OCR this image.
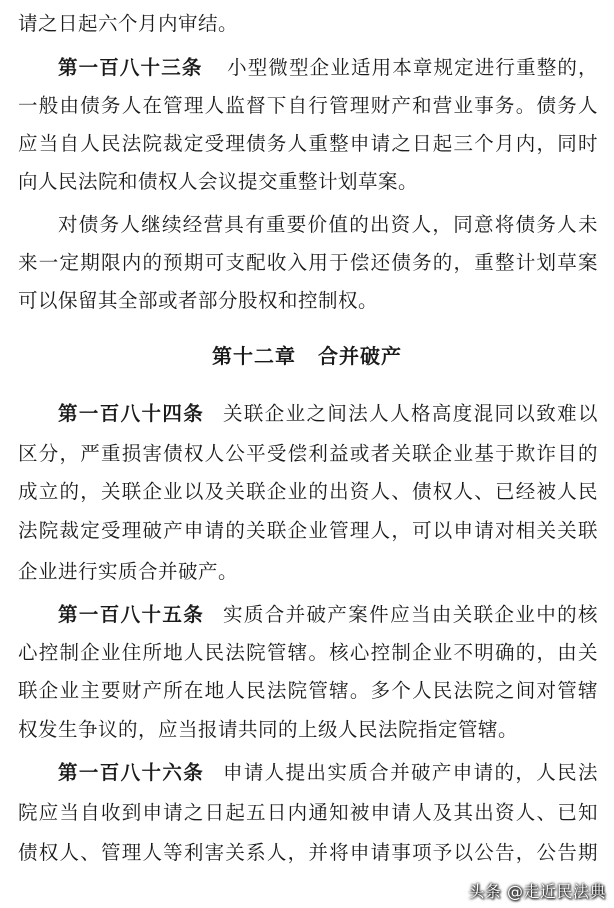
请之日起六个月内审结。
第一百八十三条 小型微型企业适用本章规定进行重整的，
一般由债务人在管理人监督下自行管理财产和营业事务。债务人
应当自人民法院裁定受理债务人重整申请之日起三个月内，同时
向人民法院和债权人会议提交重整计划草案。
对债务人继续经营具有重要价值的出资人，同意将债务人未
来一定期限内的预期可支配收入用于偿还债务的，重整计划草案
可以保留其全部或者部分股权和控制权。
第十二章 合并破产
第一百八十四条 关联企业之间法人人格高度混同以致难以
区分，严重损害债权人公平受偿利益或者关联企业基于欺诈目的
成立的，关联企业以及关联企业的出资人、债权人、已经被人民
法院裁定受理破产申请的关联企业管理人，可以申请对相关关联
企业进行实质合并破产。
第一百八十五条 实质合并破产案件应当由关联企业中的核
心控制企业住所地人民法院管辖。核心控制企业不明确的，由关
联企业主要财产所在地人民法院管辖。多个人民法院之间对管辖
权发生争议的，应当报请共同的上级人民法院指定管辖。
第一百八十六条 申请人提出实质合并破产申请的，人民法
院应当自收到申请之日起五日内通知被申请人及其出资人、已知
债权人、管理人等利害关系人，并将申请事项予以公告，公告期
头条 @走近民法典
